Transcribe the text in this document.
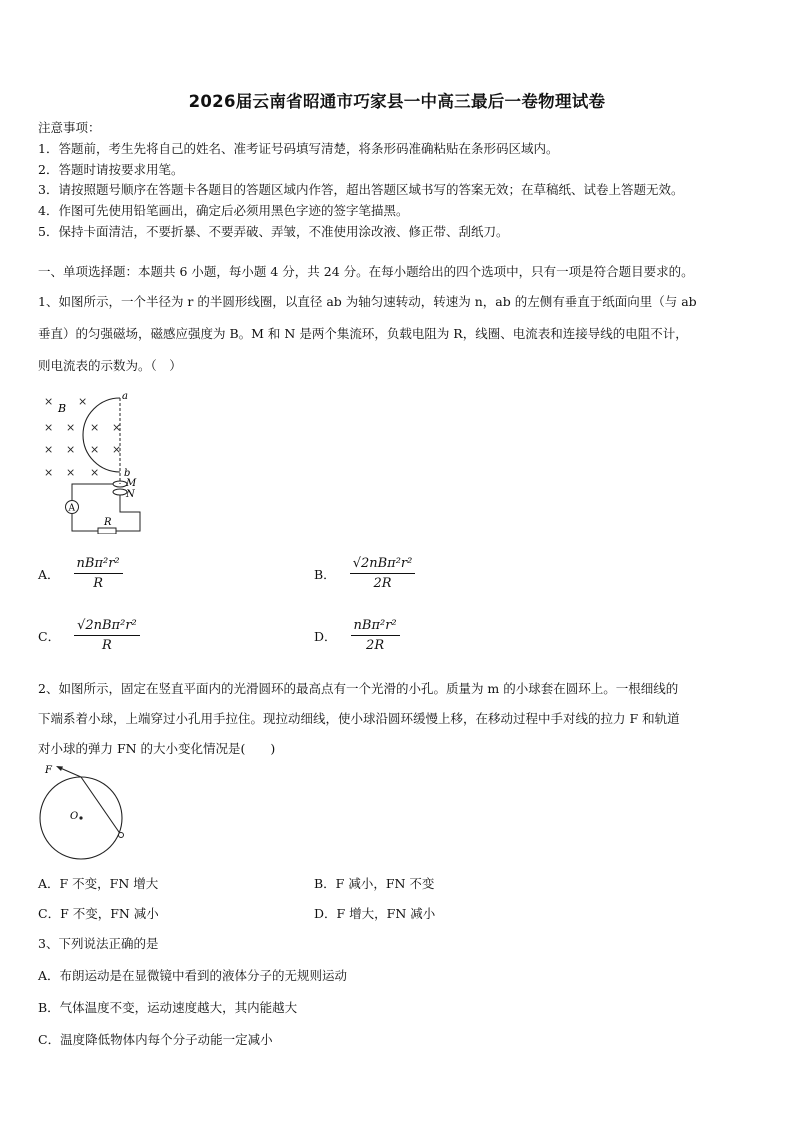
2026届云南省昭通市巧家县一中高三最后一卷物理试卷
注意事项：
1．答题前，考生先将自己的姓名、准考证号码填写清楚，将条形码准确粘贴在条形码区域内。
2．答题时请按要求用笔。
3．请按照题号顺序在答题卡各题目的答题区域内作答，超出答题区域书写的答案无效；在草稿纸、试卷上答题无效。
4．作图可先使用铅笔画出，确定后必须用黑色字迹的签字笔描黑。
5．保持卡面清洁，不要折暴、不要弄破、弄皱，不准使用涂改液、修正带、刮纸刀。
一、单项选择题：本题共 6 小题，每小题 4 分，共 24 分。在每小题给出的四个选项中，只有一项是符合题目要求的。
1、如图所示，一个半径为 r 的半圆形线圈，以直径 ab 为轴匀速转动，转速为 n，ab 的左侧有垂直于纸面向里（与 ab
垂直）的匀强磁场，磁感应强度为 B。M 和 N 是两个集流环，负载电阻为 R，线圈、电流表和连接导线的电阻不计，
则电流表的示数为。（　）
× ×
× × × ×
× × × ×
× × ×
B
a
b
M
N
A
R
A． $\frac{\text{nBπ²r²}}{R}$	B． $\frac{\text{√2nBπ²r²}}{2R}$
C． $\frac{\text{√2nBπ²r²}}{R}$	D． $\frac{\text{nBπ²r²}}{2R}$
2、如图所示，固定在竖直平面内的光滑圆环的最高点有一个光滑的小孔。质量为 m 的小球套在圆环上。一根细线的
下端系着小球，上端穿过小孔用手拉住。现拉动细线，使小球沿圆环缓慢上移，在移动过程中手对线的拉力 F 和轨道
对小球的弹力 FN 的大小变化情况是(　　)
F
O
A．F 不变，FN 增大	B．F 减小，FN 不变
C．F 不变，FN 减小	D．F 增大，FN 减小
3、下列说法正确的是
A．布朗运动是在显微镜中看到的液体分子的无规则运动
B．气体温度不变，运动速度越大，其内能越大
C．温度降低物体内每个分子动能一定减小
